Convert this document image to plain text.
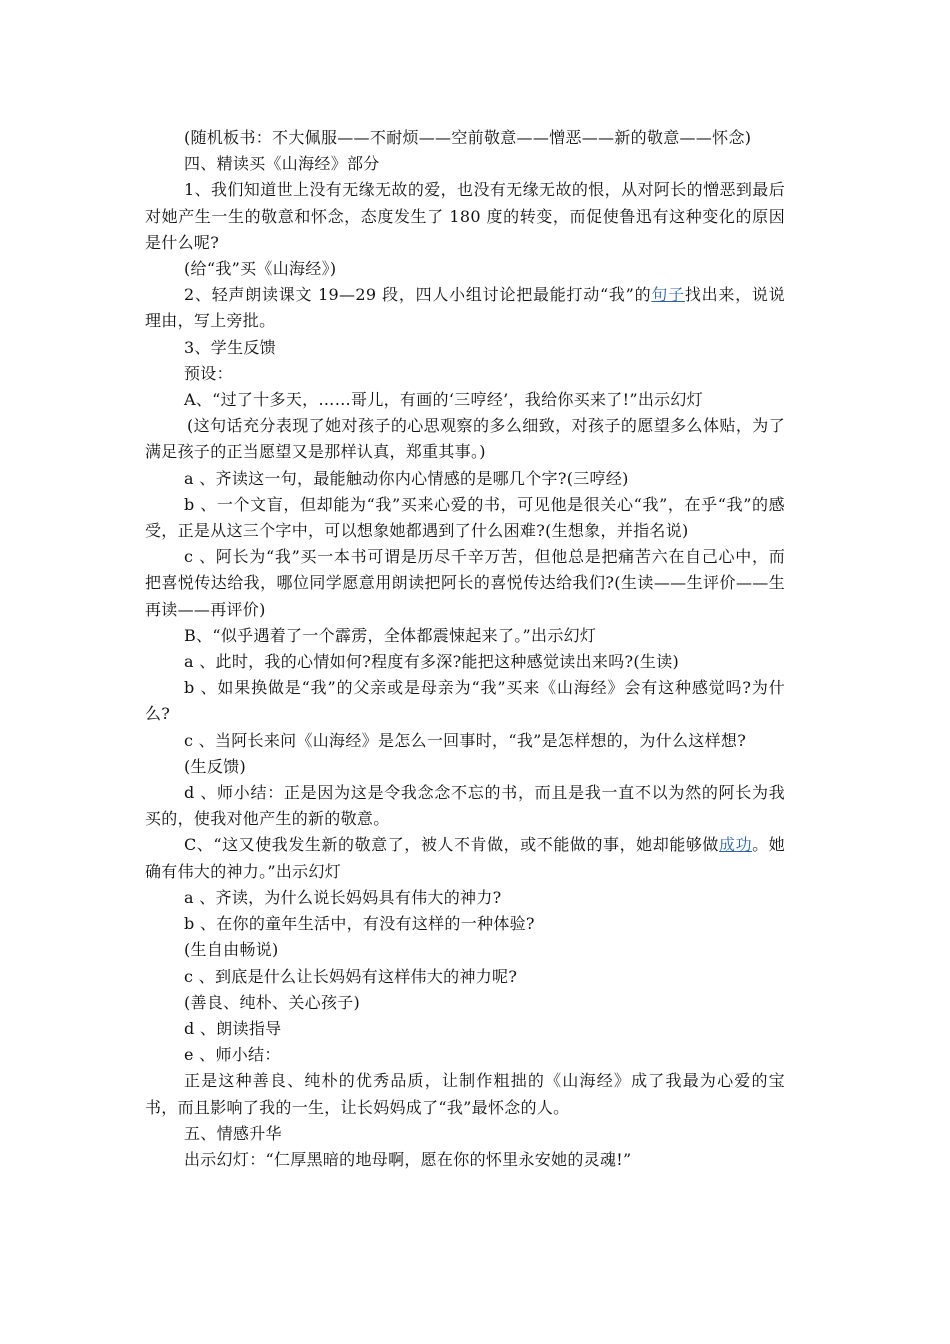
(随机板书：不大佩服——不耐烦——空前敬意——憎恶——新的敬意——怀念)

四、精读买《山海经》部分

1、我们知道世上没有无缘无故的爱，也没有无缘无故的恨，从对阿长的憎恶到最后对她产生一生的敬意和怀念，态度发生了 180 度的转变，而促使鲁迅有这种变化的原因是什么呢?

(给“我”买《山海经》)

2、轻声朗读课文 19—29 段，四人小组讨论把最能打动“我”的句子找出来，说说理由，写上旁批。

3、学生反馈

预设：

A、“过了十多天，……哥儿，有画的‘三哼经’，我给你买来了!”出示幻灯

(这句话充分表现了她对孩子的心思观察的多么细致，对孩子的愿望多么体贴，为了满足孩子的正当愿望又是那样认真，郑重其事。)

a 、齐读这一句，最能触动你内心情感的是哪几个字?(三哼经)

b 、一个文盲，但却能为“我”买来心爱的书，可见他是很关心“我”，在乎“我”的感受，正是从这三个字中，可以想象她都遇到了什么困难?(生想象，并指名说)

c 、阿长为“我”买一本书可谓是历尽千辛万苦，但他总是把痛苦六在自己心中，而把喜悦传达给我，哪位同学愿意用朗读把阿长的喜悦传达给我们?(生读——生评价——生再读——再评价)

B、“似乎遇着了一个霹雳，全体都震悚起来了。”出示幻灯

a 、此时，我的心情如何?程度有多深?能把这种感觉读出来吗?(生读)

b 、如果换做是“我”的父亲或是母亲为“我”买来《山海经》会有这种感觉吗?为什么?

c 、当阿长来问《山海经》是怎么一回事时，“我”是怎样想的，为什么这样想?

(生反馈)

d 、师小结：正是因为这是令我念念不忘的书，而且是我一直不以为然的阿长为我买的，使我对他产生的新的敬意。

C、“这又使我发生新的敬意了，被人不肯做，或不能做的事，她却能够做成功。她确有伟大的神力。”出示幻灯

a 、齐读，为什么说长妈妈具有伟大的神力?

b 、在你的童年生活中，有没有这样的一种体验?

(生自由畅说)

c 、到底是什么让长妈妈有这样伟大的神力呢?

(善良、纯朴、关心孩子)

d 、朗读指导

e 、师小结：

正是这种善良、纯朴的优秀品质，让制作粗拙的《山海经》成了我最为心爱的宝书，而且影响了我的一生，让长妈妈成了“我”最怀念的人。

五、情感升华

出示幻灯：“仁厚黑暗的地母啊，愿在你的怀里永安她的灵魂!”
